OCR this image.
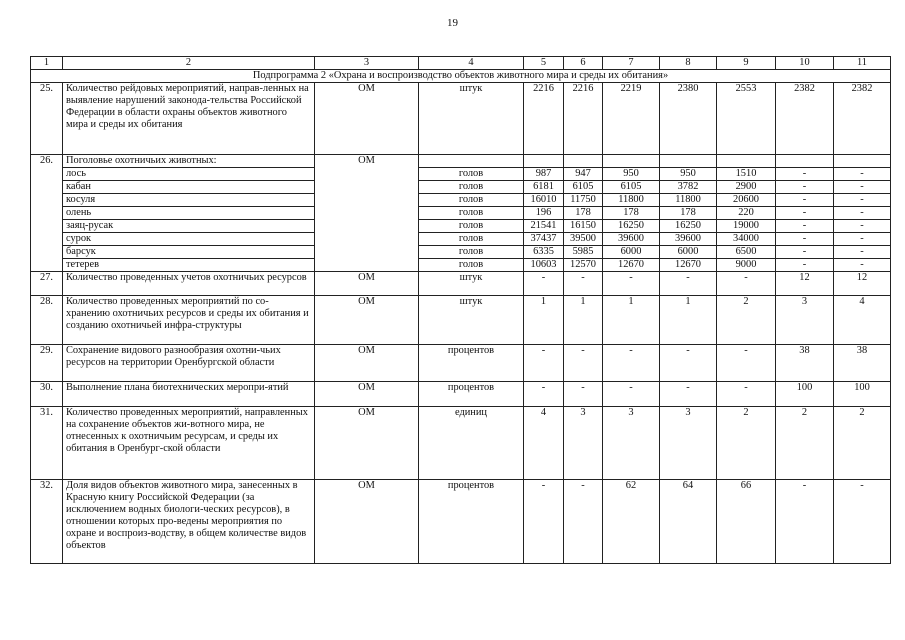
19
1	2	3	4	5	6	7	8	9	10	11
Подпрограмма 2 «Охрана и воспроизводство объектов животного мира и среды их обитания»										
25.	Количество рейдовых мероприятий, направ-ленных на выявление нарушений законода-тельства Российской Федерации в области охраны объектов животного мира и среды их обитания	ОМ	штук	2216	2216	2219	2380	2553	2382	2382
26.	Поголовье охотничьих животных:	ОМ								
	лось		голов	987	947	950	950	1510	-	-
	кабан		голов	6181	6105	6105	3782	2900	-	-
	косуля		голов	16010	11750	11800	11800	20600	-	-
	олень		голов	196	178	178	178	220	-	-
	заяц-русак		голов	21541	16150	16250	16250	19000	-	-
	сурок		голов	37437	39500	39600	39600	34000	-	-
	барсук		голов	6335	5985	6000	6000	6500	-	-
	тетерев		голов	10603	12570	12670	12670	9000	-	-
27.	Количество проведенных учетов охотничьих ресурсов	ОМ	штук	-	-	-	-	-	12	12
28.	Количество проведенных мероприятий по со-хранению охотничьих ресурсов и среды их обитания и созданию охотничьей инфра-структуры	ОМ	штук	1	1	1	1	2	3	4
29.	Сохранение видового разнообразия охотни-чьих ресурсов на территории Оренбургской области	ОМ	процентов	-	-	-	-	-	38	38
30.	Выполнение плана биотехнических меропри-ятий	ОМ	процентов	-	-	-	-	-	100	100
31.	Количество проведенных мероприятий, направленных на сохранение объектов жи-вотного мира, не отнесенных к охотничьим ресурсам, и среды их обитания в Оренбург-ской области	ОМ	единиц	4	3	3	3	2	2	2
32.	Доля видов объектов животного мира, занесенных в Красную книгу Российской Федерации (за исключением водных биологи-ческих ресурсов), в отношении которых про-ведены мероприятия по охране и воспроиз-водству, в общем количестве видов объектов	ОМ	процентов	-	-	62	64	66	-	-
